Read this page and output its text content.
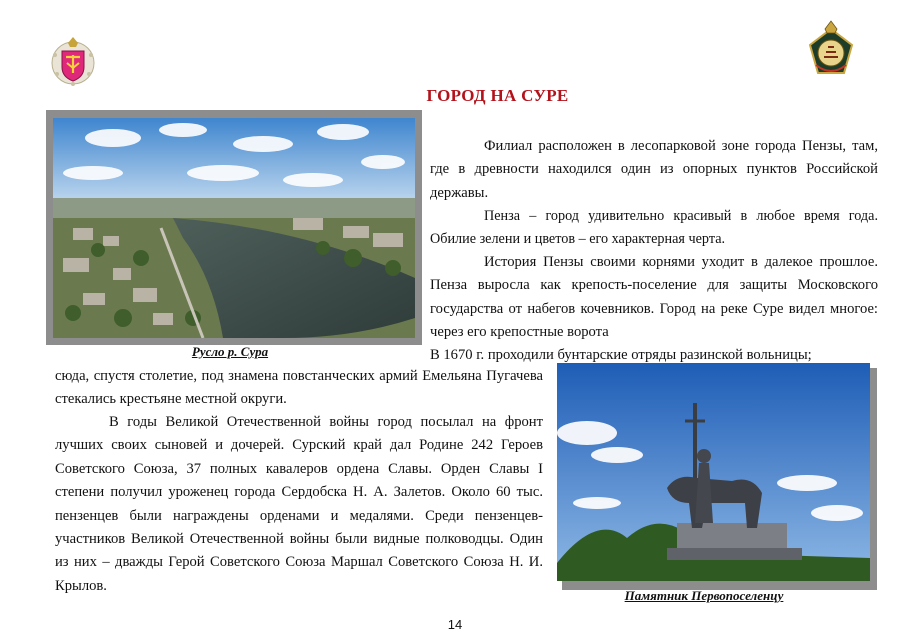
ГОРОД НА СУРЕ
Русло р. Сура

Филиал расположен в лесопарковой зоне города Пензы, там, где в древности находился один из опорных пунктов Российской державы.

Пенза – город удивительно красивый в любое время года. Обилие зелени и цветов – его характерная черта.

История Пензы своими корнями уходит в далекое прошлое. Пенза выросла как крепость-поселение для защиты Московского государства от набегов кочевников. Город на реке Суре видел многое: через его крепостные ворота

В 1670 г. проходили бунтарские отряды разинской вольницы;

сюда, спустя столетие, под знамена повстанческих армий Емельяна Пугачева стекались крестьяне местной округи.

В годы Великой Отечественной войны город посылал на фронт лучших своих сыновей и дочерей. Сурский край дал Родине 242 Героев Советского Союза, 37 полных кавалеров ордена Славы. Орден Славы I степени получил уроженец города Сердобска Н. А. Залетов. Около 60 тыс. пензенцев были награждены орденами и медалями. Среди пензенцев-участников Великой Отечественной войны были видные полководцы. Один из них – дважды Герой Советского Союза Маршал Советского Союза Н. И. Крылов.

Памятник Первопоселенцу
14
